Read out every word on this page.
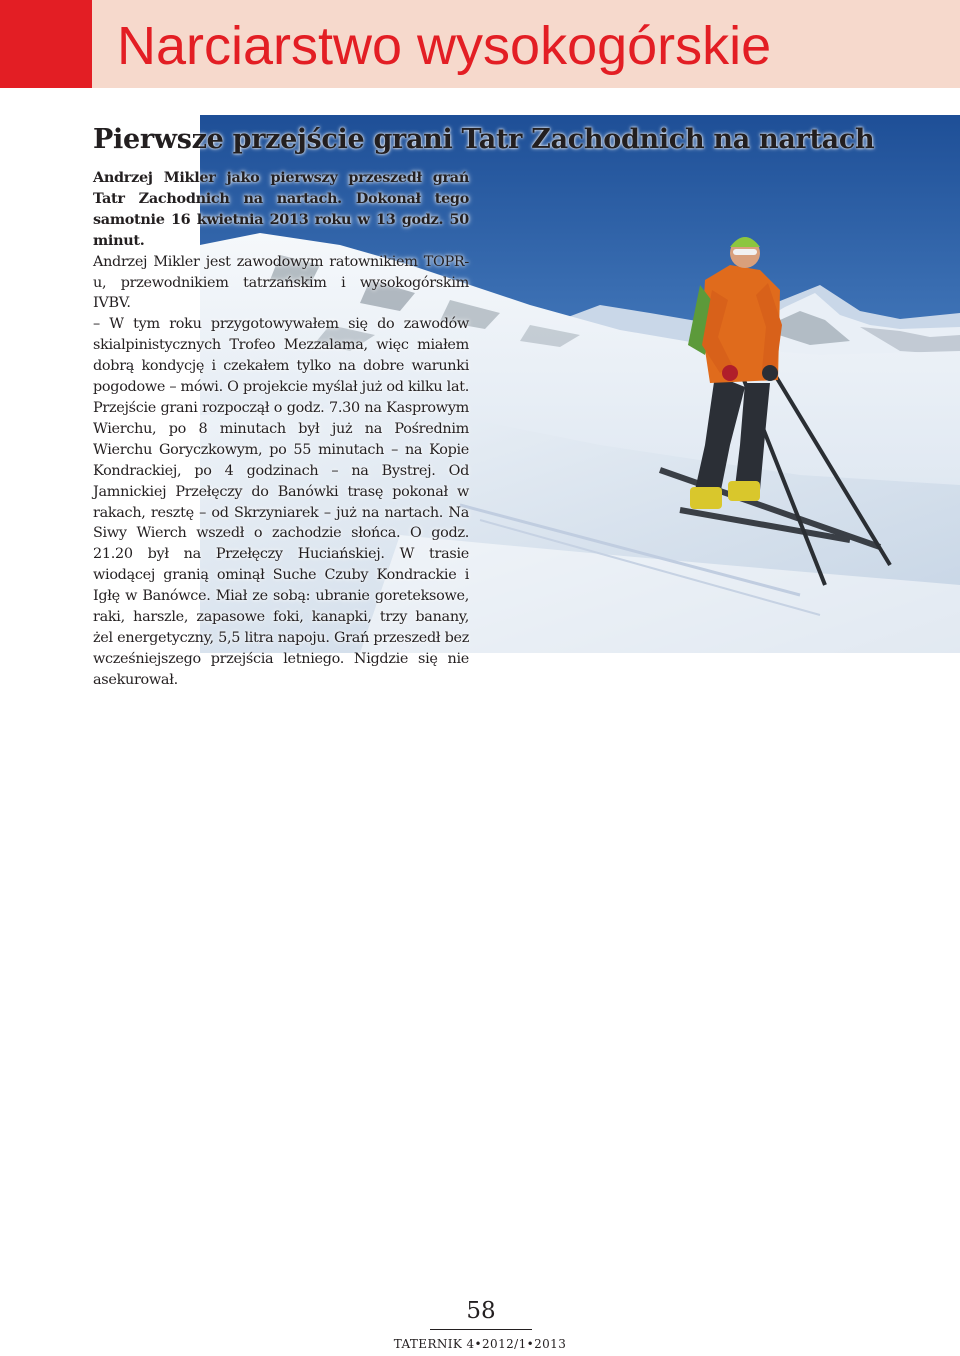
Narciarstwo wysokogórskie
Pierwsze przejście grani Tatr Zachodnich na nartach

Andrzej Mikler jako pierwszy przeszedł grań Tatr Zachodnich na nartach. Dokonał tego samotnie 16 kwietnia 2013 roku w 13 godz. 50 minut.

Andrzej Mikler jest zawodowym ratownikiem TOPR-u, przewodnikiem tatrzańskim i wysokogórskim IVBV.

– W tym roku przygotowywałem się do zawodów skialpinistycznych Trofeo Mezzalama, więc miałem dobrą kondycję i czekałem tylko na dobre warunki pogodowe – mówi. O projekcie myślał już od kilku lat. Przejście grani rozpoczął o godz. 7.30 na Kasprowym Wierchu, po 8 minutach był już na Pośrednim Wierchu Goryczkowym, po 55 minutach – na Kopie Kondrackiej, po 4 godzinach – na Bystrej. Od Jamnickiej Przełęczy do Banówki trasę pokonał w rakach, resztę – od Skrzyniarek – już na nartach. Na Siwy Wierch wszedł o zachodzie słońca. O godz. 21.20 był na Przełęczy Huciańskiej. W trasie wiodącej granią ominął Suche Czuby Kondrackie i Igłę w Banówce. Miał ze sobą: ubranie goreteksowe, raki, harszle, zapasowe foki, kanapki, trzy banany, żel energetyczny, 5,5 litra napoju. Grań przeszedł bez wcześniejszego przejścia letniego. Nigdzie się nie asekurował.

58
TATERNIK 4•2012/1•2013
